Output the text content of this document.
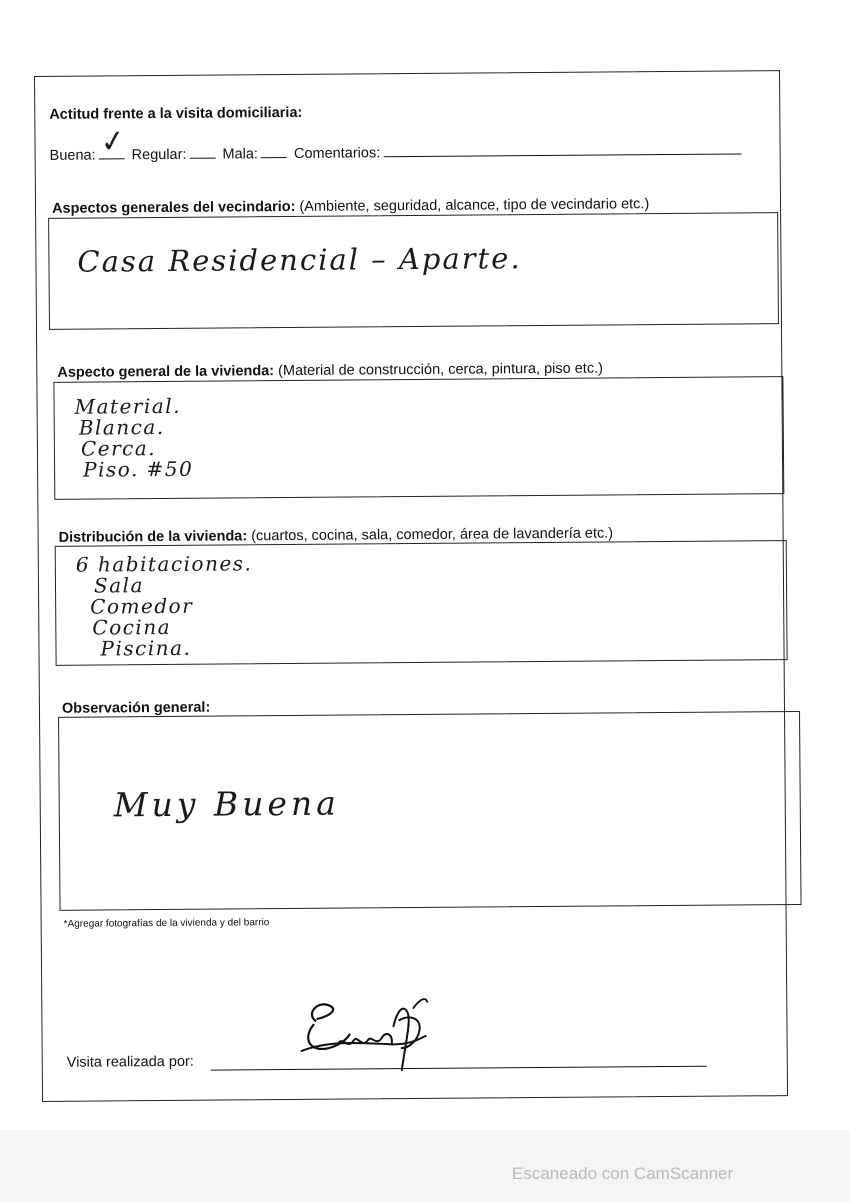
Actitud frente a la visita domiciliaria:
Buena: ✓ Regular: Mala: Comentarios:
Aspectos generales del vecindario: (Ambiente, seguridad, alcance, tipo de vecindario etc.)
Casa Residencial – Aparte.
Aspecto general de la vivienda: (Material de construcción, cerca, pintura, piso etc.)
Material.
Blanca.
Cerca.
Piso. #50
Distribución de la vivienda: (cuartos, cocina, sala, comedor, área de lavandería etc.)
6 habitaciones.
Sala
Comedor
Cocina
Piscina.
Observación general:
Muy Buena
*Agregar fotografías de la vivienda y del barrio
Visita realizada por:
Escaneado con CamScanner
